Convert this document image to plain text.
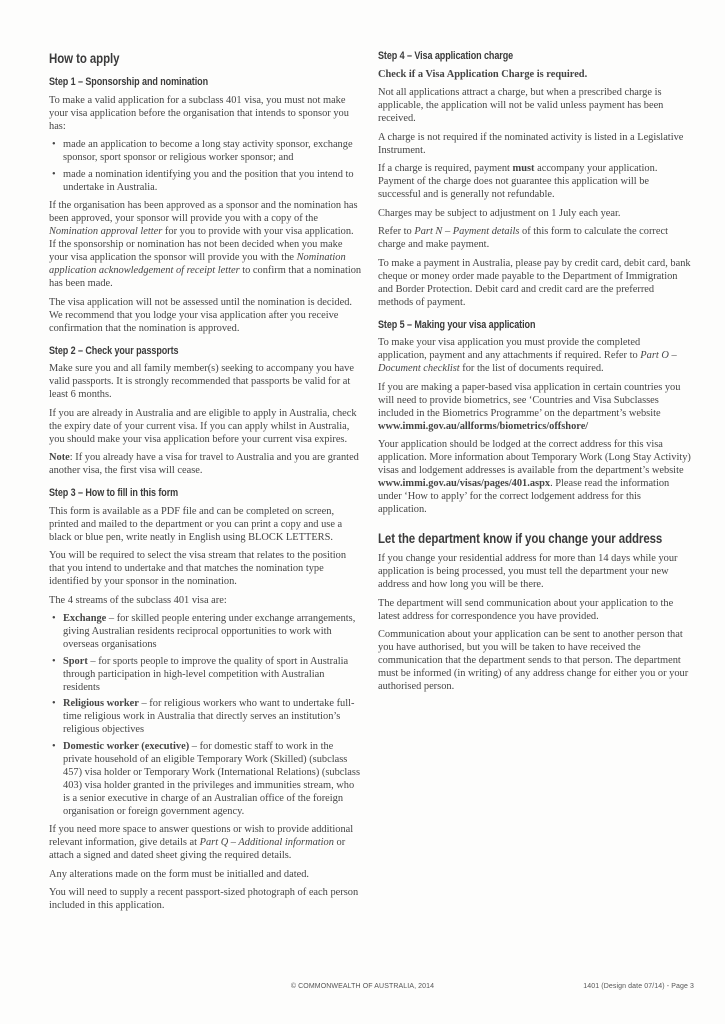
How to apply
Step 1 – Sponsorship and nomination

To make a valid application for a subclass 401 visa, you must not make your visa application before the organisation that intends to sponsor you has:

• made an application to become a long stay activity sponsor, exchange sponsor, sport sponsor or religious worker sponsor; and
• made a nomination identifying you and the position that you intend to undertake in Australia.

If the organisation has been approved as a sponsor and the nomination has been approved, your sponsor will provide you with a copy of the Nomination approval letter for you to provide with your visa application. If the sponsorship or nomination has not been decided when you make your visa application the sponsor will provide you with the Nomination application acknowledgement of receipt letter to confirm that a nomination has been made.

The visa application will not be assessed until the nomination is decided. We recommend that you lodge your visa application after you receive confirmation that the nomination is approved.

Step 2 – Check your passports

Make sure you and all family member(s) seeking to accompany you have valid passports. It is strongly recommended that passports be valid for at least 6 months.

If you are already in Australia and are eligible to apply in Australia, check the expiry date of your current visa. If you can apply whilst in Australia, you should make your visa application before your current visa expires.

Note: If you already have a visa for travel to Australia and you are granted another visa, the first visa will cease.

Step 3 – How to fill in this form

This form is available as a PDF file and can be completed on screen, printed and mailed to the department or you can print a copy and use a black or blue pen, write neatly in English using BLOCK LETTERS.

You will be required to select the visa stream that relates to the position that you intend to undertake and that matches the nomination type identified by your sponsor in the nomination.

The 4 streams of the subclass 401 visa are:

• Exchange – for skilled people entering under exchange arrangements, giving Australian residents reciprocal opportunities to work with overseas organisations
• Sport – for sports people to improve the quality of sport in Australia through participation in high-level competition with Australian residents
• Religious worker – for religious workers who want to undertake full-time religious work in Australia that directly serves an institution’s religious objectives
• Domestic worker (executive) – for domestic staff to work in the private household of an eligible Temporary Work (Skilled) (subclass 457) visa holder or Temporary Work (International Relations) (subclass 403) visa holder granted in the privileges and immunities stream, who is a senior executive in charge of an Australian office of the foreign organisation or foreign government agency.

If you need more space to answer questions or wish to provide additional relevant information, give details at Part Q – Additional information or attach a signed and dated sheet giving the required details.

Any alterations made on the form must be initialled and dated.

You will need to supply a recent passport-sized photograph of each person included in this application.

Step 4 – Visa application charge

Check if a Visa Application Charge is required.

Not all applications attract a charge, but when a prescribed charge is applicable, the application will not be valid unless payment has been received.

A charge is not required if the nominated activity is listed in a Legislative Instrument.

If a charge is required, payment must accompany your application. Payment of the charge does not guarantee this application will be successful and is generally not refundable.

Charges may be subject to adjustment on 1 July each year.

Refer to Part N – Payment details of this form to calculate the correct charge and make payment.

To make a payment in Australia, please pay by credit card, debit card, bank cheque or money order made payable to the Department of Immigration and Border Protection. Debit card and credit card are the preferred methods of payment.

Step 5 – Making your visa application

To make your visa application you must provide the completed application, payment and any attachments if required. Refer to Part O – Document checklist for the list of documents required.

If you are making a paper-based visa application in certain countries you will need to provide biometrics, see ‘Countries and Visa Subclasses included in the Biometrics Programme’ on the department’s website www.immi.gov.au/allforms/biometrics/offshore/

Your application should be lodged at the correct address for this visa application. More information about Temporary Work (Long Stay Activity) visas and lodgement addresses is available from the department’s website www.immi.gov.au/visas/pages/401.aspx. Please read the information under ‘How to apply’ for the correct lodgement address for this application.

Let the department know if you change your address

If you change your residential address for more than 14 days while your application is being processed, you must tell the department your new address and how long you will be there.

The department will send communication about your application to the latest address for correspondence you have provided.

Communication about your application can be sent to another person that you have authorised, but you will be taken to have received the communication that the department sends to that person. The department must be informed (in writing) of any address change for either you or your authorised person.

© COMMONWEALTH OF AUSTRALIA, 2014	1401 (Design date 07/14) - Page 3
